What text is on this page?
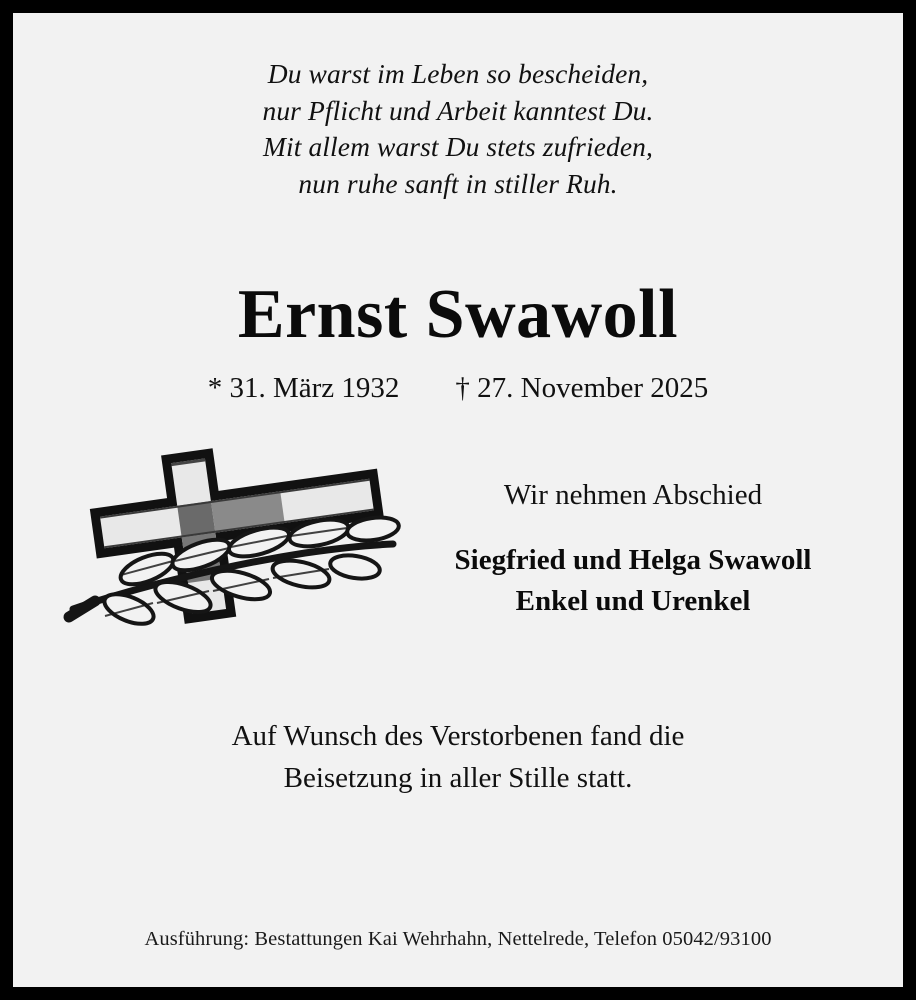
Du warst im Leben so bescheiden,
nur Pflicht und Arbeit kanntest Du.
Mit allem warst Du stets zufrieden,
nun ruhe sanft in stiller Ruh.
Ernst Swawoll
* 31. März 1932 † 27. November 2025
Wir nehmen Abschied
Siegfried und Helga Swawoll
Enkel und Urenkel
Auf Wunsch des Verstorbenen fand die
Beisetzung in aller Stille statt.
Ausführung: Bestattungen Kai Wehrhahn, Nettelrede, Telefon 05042/93100
